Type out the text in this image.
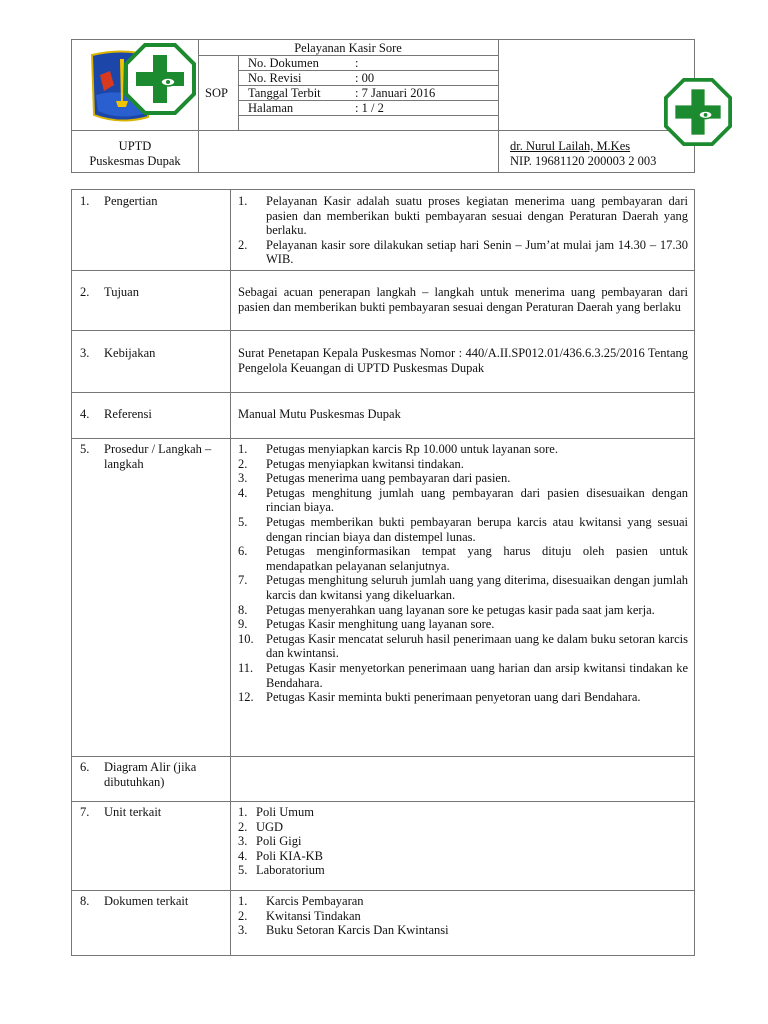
Pelayanan Kasir Sore
SOP
No. Dokumen	:
No. Revisi	: 00
Tanggal Terbit	: 7 Januari 2016
Halaman	: 1 / 2
UPTD
Puskesmas Dupak
dr. Nurul Lailah, M.Kes
NIP. 19681120 200003 2 003
1. Pengertian	1. Pelayanan Kasir adalah suatu proses kegiatan menerima uang pembayaran dari pasien dan memberikan bukti pembayaran sesuai dengan Peraturan Daerah yang berlaku.
2. Pelayanan kasir sore dilakukan setiap hari Senin – Jum’at mulai jam 14.30 – 17.30 WIB.
2. Tujuan	Sebagai acuan penerapan langkah – langkah untuk menerima uang pembayaran dari pasien dan memberikan bukti pembayaran sesuai dengan Peraturan Daerah yang berlaku

3. Kebijakan	Surat Penetapan Kepala Puskesmas Nomor : 440/A.II.SP012.01/436.6.3.25/2016 Tentang Pengelola Keuangan di UPTD Puskesmas Dupak

4. Referensi	Manual Mutu Puskesmas Dupak

5. Prosedur / Langkah – langkah
1. Petugas menyiapkan karcis Rp 10.000 untuk layanan sore.
2. Petugas menyiapkan kwitansi tindakan.
3. Petugas menerima uang pembayaran dari pasien.
4. Petugas menghitung jumlah uang pembayaran dari pasien disesuaikan dengan rincian biaya.
5. Petugas memberikan bukti pembayaran berupa karcis atau kwitansi yang sesuai dengan rincian biaya dan distempel lunas.
6. Petugas menginformasikan tempat yang harus dituju oleh pasien untuk mendapatkan pelayanan selanjutnya.
7. Petugas menghitung seluruh jumlah uang yang diterima, disesuaikan dengan jumlah karcis dan kwitansi yang dikeluarkan.
8. Petugas menyerahkan uang layanan sore ke petugas kasir pada saat jam kerja.
9. Petugas Kasir menghitung uang layanan sore.
10. Petugas Kasir mencatat seluruh hasil penerimaan uang ke dalam buku setoran karcis dan kwintansi.
11. Petugas Kasir menyetorkan penerimaan uang harian dan arsip kwitansi tindakan ke Bendahara.
12. Petugas Kasir meminta bukti penerimaan penyetoran uang dari Bendahara.
6. Diagram Alir (jika dibutuhkan)

7. Unit terkait	1. Poli Umum
2. UGD
3. Poli Gigi
4. Poli KIA-KB
5. Laboratorium
8. Dokumen terkait	1. Karcis Pembayaran
2. Kwitansi Tindakan
3. Buku Setoran Karcis Dan Kwintansi
